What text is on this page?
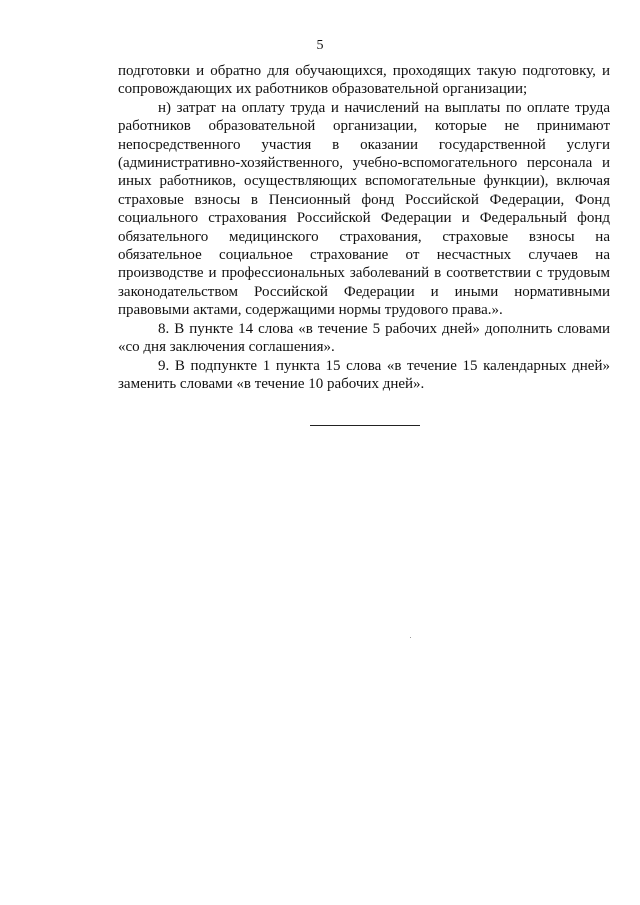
5

подготовки и обратно для обучающихся, проходящих такую подготовку, и сопровождающих их работников образовательной организации;

н) затрат на оплату труда и начислений на выплаты по оплате труда работников образовательной организации, которые не принимают непосредственного участия в оказании государственной услуги (административно-хозяйственного, учебно-вспомогательного персонала и иных работников, осуществляющих вспомогательные функции), включая страховые взносы в Пенсионный фонд Российской Федерации, Фонд социального страхования Российской Федерации и Федеральный фонд обязательного медицинского страхования, страховые взносы на обязательное социальное страхование от несчастных случаев на производстве и профессиональных заболеваний в соответствии с трудовым законодательством Российской Федерации и иными нормативными правовыми актами, содержащими нормы трудового права.».

8. В пункте 14 слова «в течение 5 рабочих дней» дополнить словами «со дня заключения соглашения».

9. В подпункте 1 пункта 15 слова «в течение 15 календарных дней» заменить словами «в течение 10 рабочих дней».
